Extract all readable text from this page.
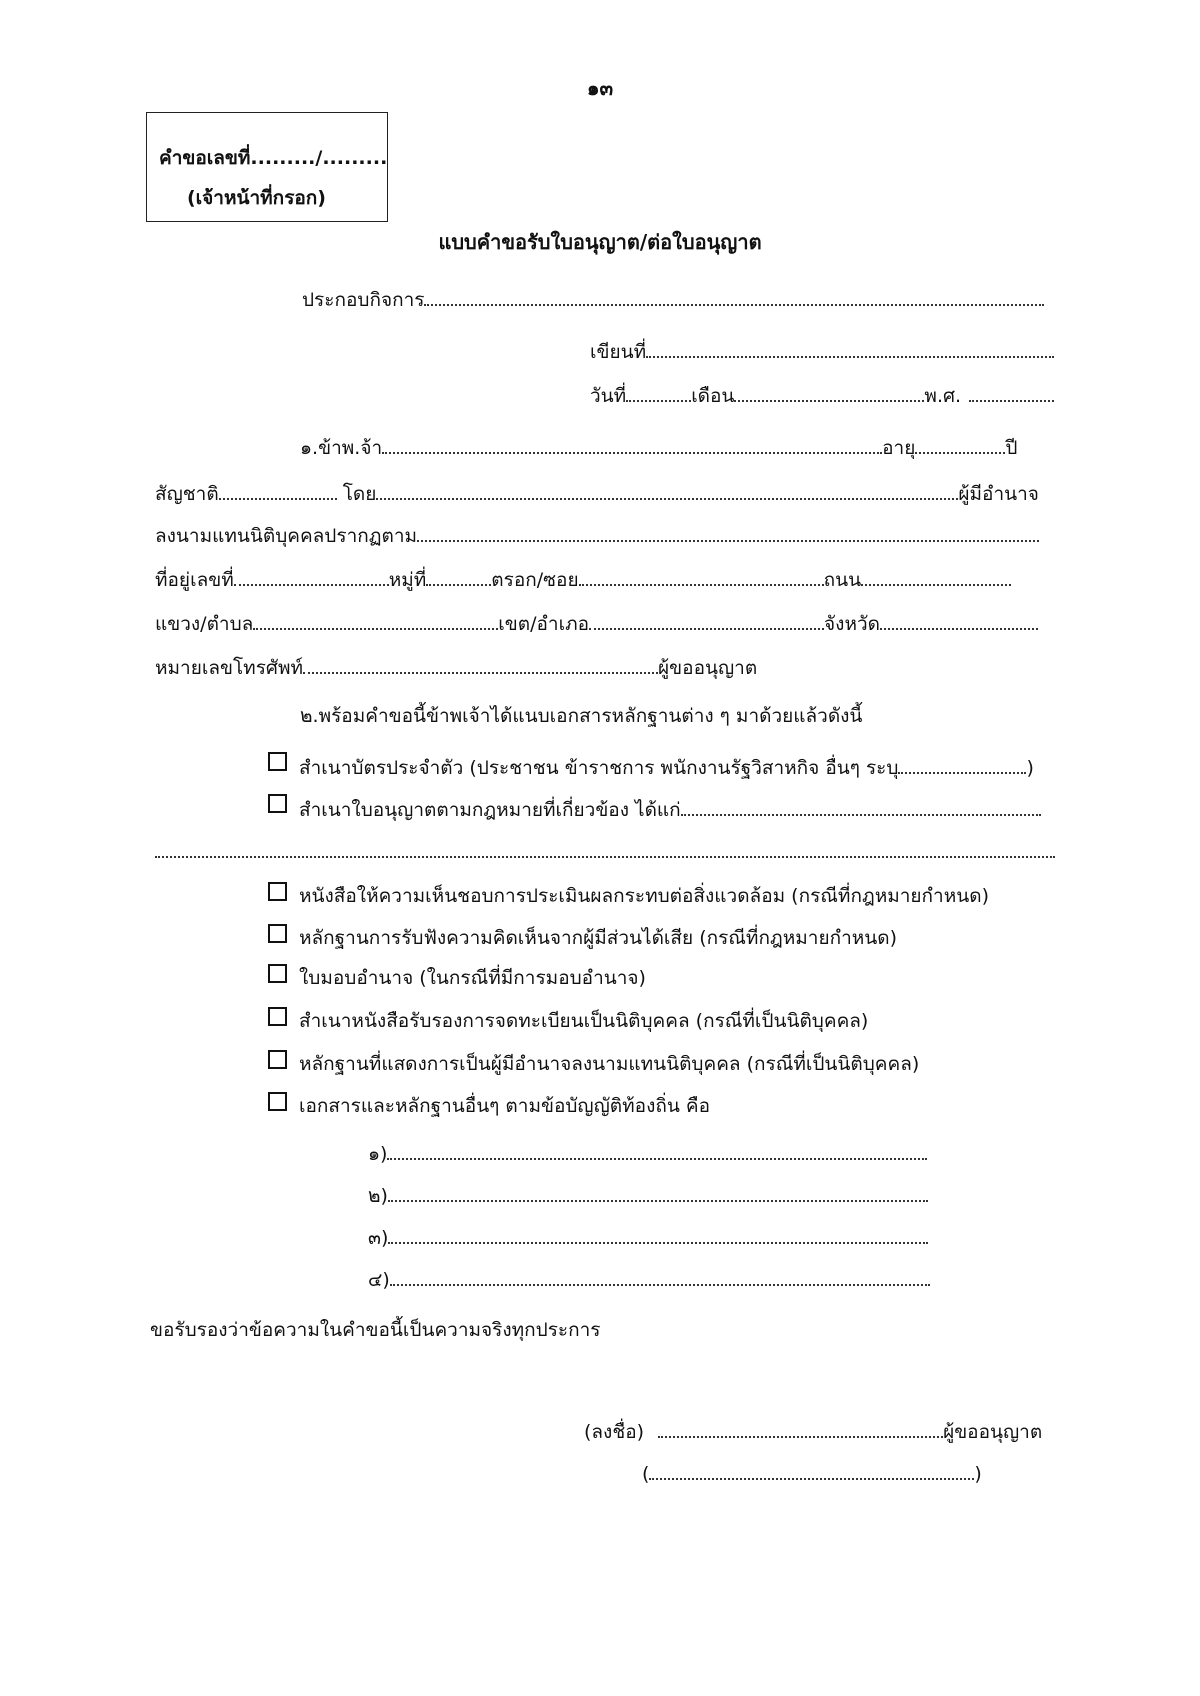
๑๓
คำขอเลขที่........./.........
(เจ้าหน้าที่กรอก)
แบบคำขอรับใบอนุญาต/ต่อใบอนุญาต
ประกอบกิจการ
เขียนที่
วันที่	เดือน	พ.ศ.
๑.ข้าพ.จ้า	อายุ	ปี
สัญชาติ	โดย	ผู้มีอำนาจ
ลงนามแทนนิติบุคคลปรากฏตาม
ที่อยู่เลขที่	หมู่ที่	ตรอก/ซอย	ถนน
แขวง/ตำบล	เขต/อำเภอ	จังหวัด
หมายเลขโทรศัพท์	ผู้ขออนุญาต
๒.พร้อมคำขอนี้ข้าพเจ้าได้แนบเอกสารหลักฐานต่าง ๆ มาด้วยแล้วดังนี้
สำเนาบัตรประจำตัว (ประชาชน ข้าราชการ พนักงานรัฐวิสาหกิจ อื่นๆ ระบุ	)
สำเนาใบอนุญาตตามกฎหมายที่เกี่ยวข้อง ได้แก่
หนังสือให้ความเห็นชอบการประเมินผลกระทบต่อสิ่งแวดล้อม (กรณีที่กฎหมายกำหนด)
หลักฐานการรับฟังความคิดเห็นจากผู้มีส่วนได้เสีย (กรณีที่กฎหมายกำหนด)
ใบมอบอำนาจ (ในกรณีที่มีการมอบอำนาจ)
สำเนาหนังสือรับรองการจดทะเบียนเป็นนิติบุคคล (กรณีที่เป็นนิติบุคคล)
หลักฐานที่แสดงการเป็นผู้มีอำนาจลงนามแทนนิติบุคคล (กรณีที่เป็นนิติบุคคล)
เอกสารและหลักฐานอื่นๆ ตามข้อบัญญัติท้องถิ่น คือ
๑)
๒)
๓)
๔)
ขอรับรองว่าข้อความในคำขอนี้เป็นความจริงทุกประการ
(ลงชื่อ)	ผู้ขออนุญาต
(	)
